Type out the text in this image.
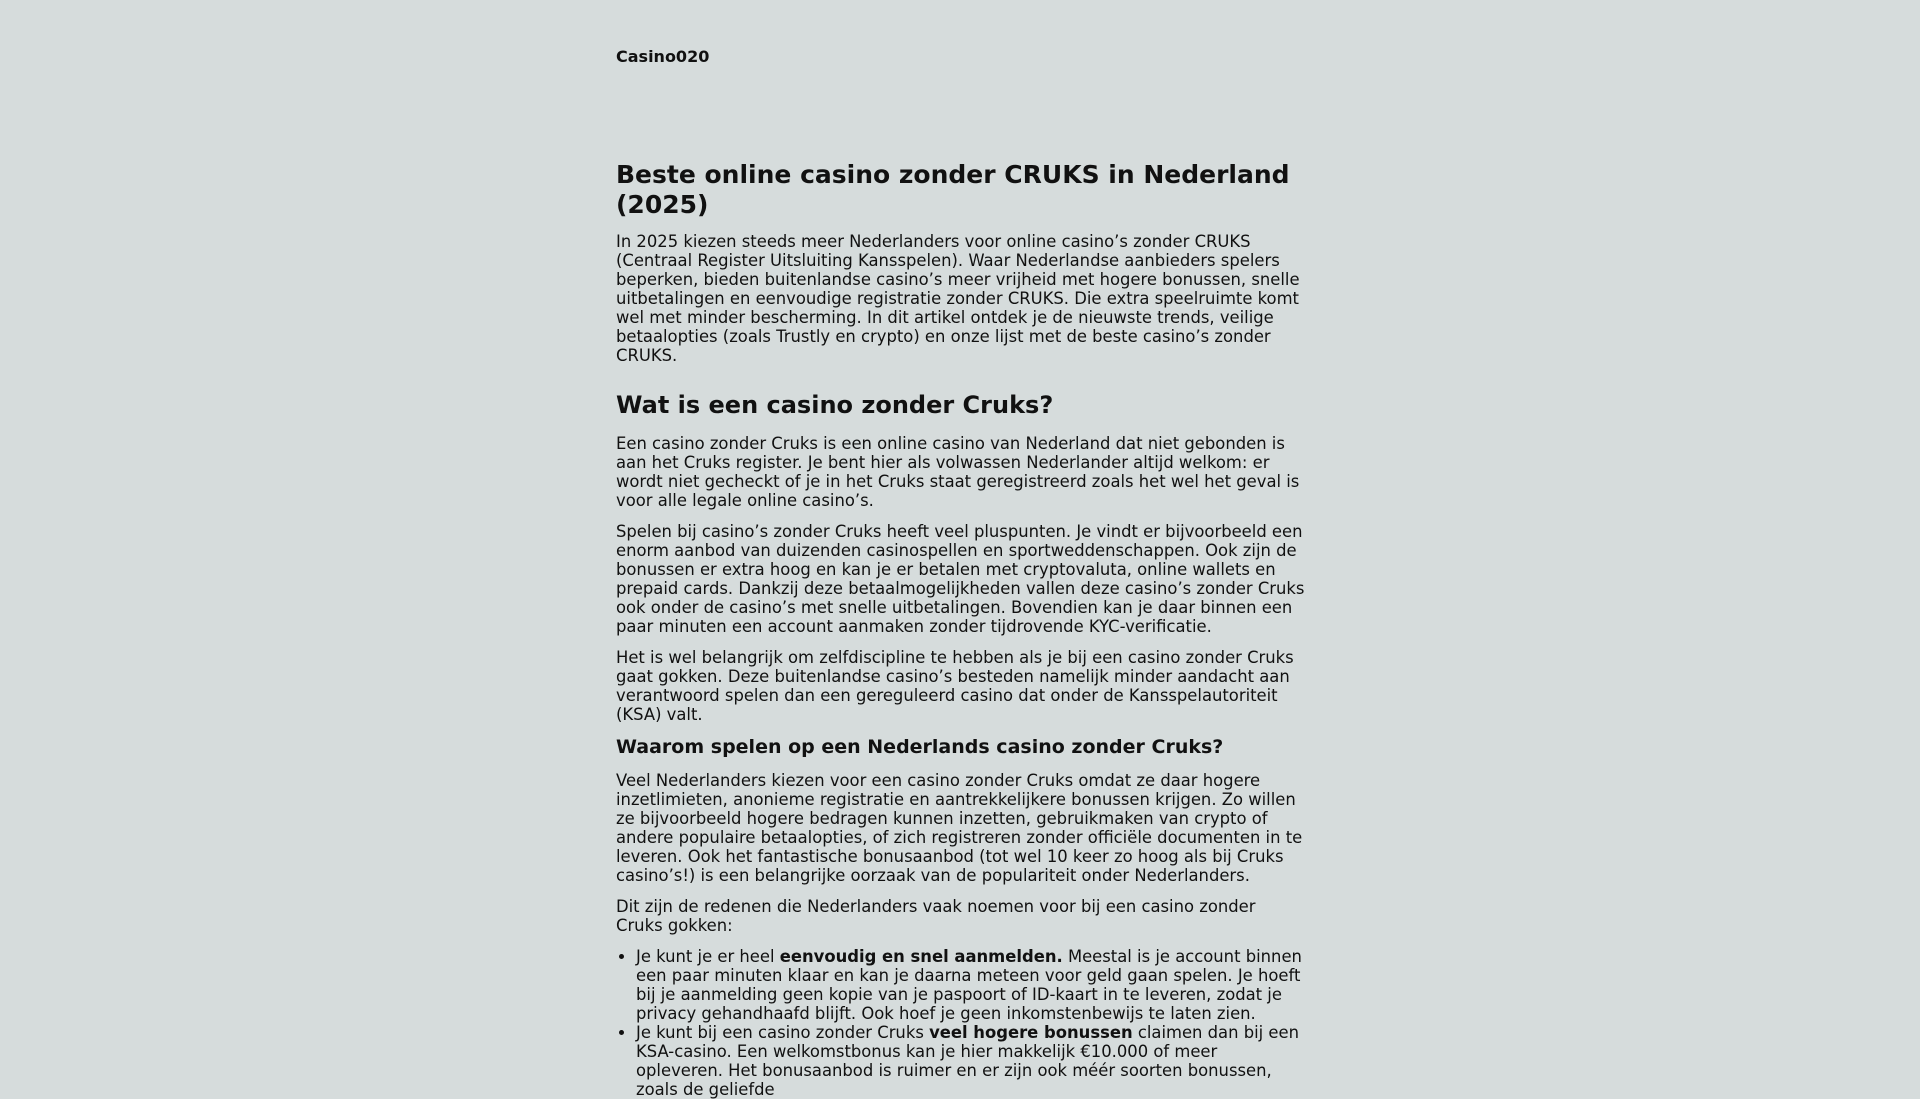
Casino020
Beste online casino zonder CRUKS in Nederland (2025)

In 2025 kiezen steeds meer Nederlanders voor online casino’s zonder CRUKS (Centraal Register Uitsluiting Kansspelen). Waar Nederlandse aanbieders spelers beperken, bieden buitenlandse casino’s meer vrijheid met hogere bonussen, snelle uitbetalingen en eenvoudige registratie zonder CRUKS. Die extra speelruimte komt wel met minder bescherming. In dit artikel ontdek je de nieuwste trends, veilige betaalopties (zoals Trustly en crypto) en onze lijst met de beste casino’s zonder CRUKS.

Wat is een casino zonder Cruks?

Een casino zonder Cruks is een online casino van Nederland dat niet gebonden is aan het Cruks register. Je bent hier als volwassen Nederlander altijd welkom: er wordt niet gecheckt of je in het Cruks staat geregistreerd zoals het wel het geval is voor alle legale online casino’s.

Spelen bij casino’s zonder Cruks heeft veel pluspunten. Je vindt er bijvoorbeeld een enorm aanbod van duizenden casinospellen en sportweddenschappen. Ook zijn de bonussen er extra hoog en kan je er betalen met cryptovaluta, online wallets en prepaid cards. Dankzij deze betaalmogelijkheden vallen deze casino’s zonder Cruks ook onder de casino’s met snelle uitbetalingen. Bovendien kan je daar binnen een paar minuten een account aanmaken zonder tijdrovende KYC-verificatie.

Het is wel belangrijk om zelfdiscipline te hebben als je bij een casino zonder Cruks gaat gokken. Deze buitenlandse casino’s besteden namelijk minder aandacht aan verantwoord spelen dan een gereguleerd casino dat onder de Kansspelautoriteit (KSA) valt.

Waarom spelen op een Nederlands casino zonder Cruks?

Veel Nederlanders kiezen voor een casino zonder Cruks omdat ze daar hogere inzetlimieten, anonieme registratie en aantrekkelijkere bonussen krijgen. Zo willen ze bijvoorbeeld hogere bedragen kunnen inzetten, gebruikmaken van crypto of andere populaire betaalopties, of zich registreren zonder officiële documenten in te leveren. Ook het fantastische bonusaanbod (tot wel 10 keer zo hoog als bij Cruks casino’s!) is een belangrijke oorzaak van de populariteit onder Nederlanders.

Dit zijn de redenen die Nederlanders vaak noemen voor bij een casino zonder Cruks gokken:

• Je kunt je er heel eenvoudig en snel aanmelden. Meestal is je account binnen een paar minuten klaar en kan je daarna meteen voor geld gaan spelen. Je hoeft bij je aanmelding geen kopie van je paspoort of ID-kaart in te leveren, zodat je privacy gehandhaafd blijft. Ook hoef je geen inkomstenbewijs te laten zien.
• Je kunt bij een casino zonder Cruks veel hogere bonussen claimen dan bij een KSA-casino. Een welkomstbonus kan je hier makkelijk €10.000 of meer opleveren. Het bonusaanbod is ruimer en er zijn ook méér soorten bonussen, zoals de geliefde
